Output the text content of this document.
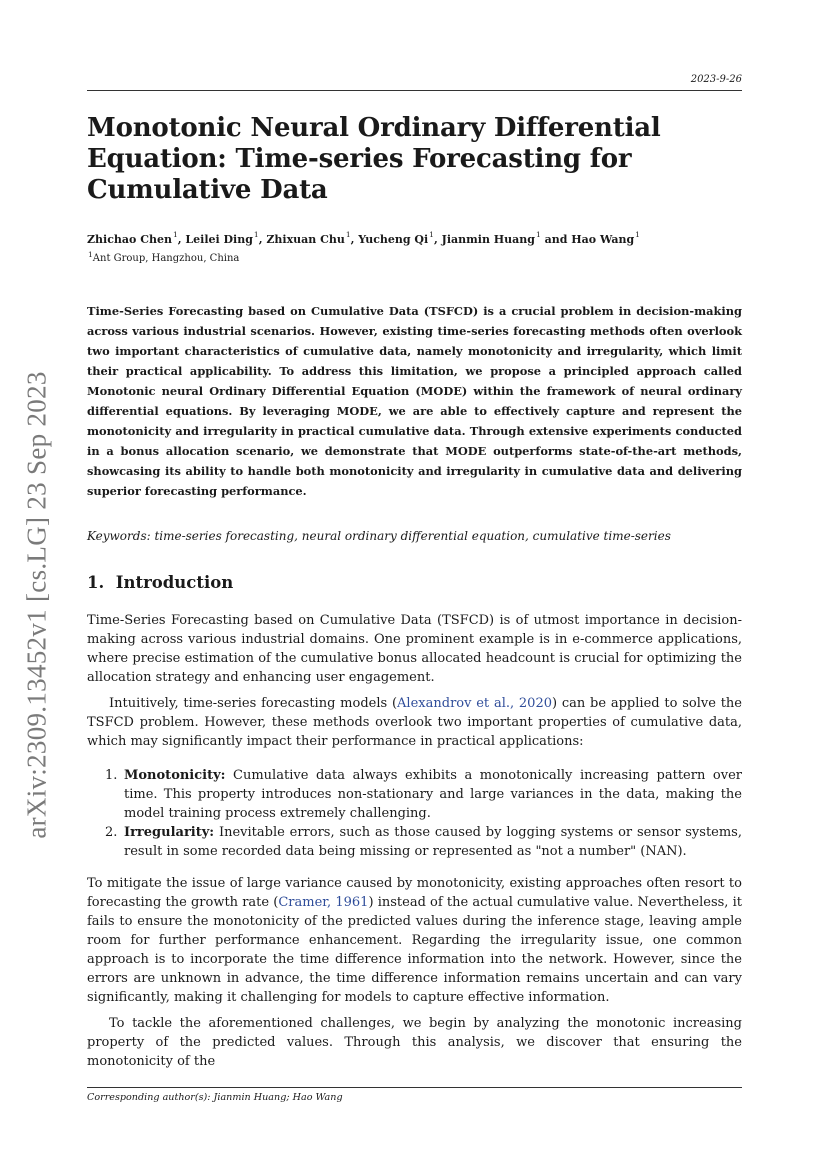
arXiv:2309.13452v1 [cs.LG] 23 Sep 2023
2023-9-26
Monotonic Neural Ordinary Differential Equation: Time-series Forecasting for Cumulative Data
Zhichao Chen$^1$, Leilei Ding$^1$, Zhixuan Chu$^1$, Yucheng Qi$^1$, Jianmin Huang$^1$ and Hao Wang$^1$
$^1$Ant Group, Hangzhou, China

Time-Series Forecasting based on Cumulative Data (TSFCD) is a crucial problem in decision-making across various industrial scenarios. However, existing time-series forecasting methods often overlook two important characteristics of cumulative data, namely monotonicity and irregularity, which limit their practical applicability. To address this limitation, we propose a principled approach called Monotonic neural Ordinary Differential Equation (MODE) within the framework of neural ordinary differential equations. By leveraging MODE, we are able to effectively capture and represent the monotonicity and irregularity in practical cumulative data. Through extensive experiments conducted in a bonus allocation scenario, we demonstrate that MODE outperforms state-of-the-art methods, showcasing its ability to handle both monotonicity and irregularity in cumulative data and delivering superior forecasting performance.

Keywords: time-series forecasting, neural ordinary differential equation, cumulative time-series
1. Introduction

Time-Series Forecasting based on Cumulative Data (TSFCD) is of utmost importance in decision-making across various industrial domains. One prominent example is in e-commerce applications, where precise estimation of the cumulative bonus allocated headcount is crucial for optimizing the allocation strategy and enhancing user engagement.

Intuitively, time-series forecasting models (Alexandrov et al., 2020) can be applied to solve the TSFCD problem. However, these methods overlook two important properties of cumulative data, which may significantly impact their performance in practical applications:

1. Monotonicity: Cumulative data always exhibits a monotonically increasing pattern over time. This property introduces non-stationary and large variances in the data, making the model training process extremely challenging.
2. Irregularity: Inevitable errors, such as those caused by logging systems or sensor systems, result in some recorded data being missing or represented as "not a number" (NAN).

To mitigate the issue of large variance caused by monotonicity, existing approaches often resort to forecasting the growth rate (Cramer, 1961) instead of the actual cumulative value. Nevertheless, it fails to ensure the monotonicity of the predicted values during the inference stage, leaving ample room for further performance enhancement. Regarding the irregularity issue, one common approach is to incorporate the time difference information into the network. However, since the errors are unknown in advance, the time difference information remains uncertain and can vary significantly, making it challenging for models to capture effective information.

To tackle the aforementioned challenges, we begin by analyzing the monotonic increasing property of the predicted values. Through this analysis, we discover that ensuring the monotonicity of the

Corresponding author(s): Jianmin Huang; Hao Wang
